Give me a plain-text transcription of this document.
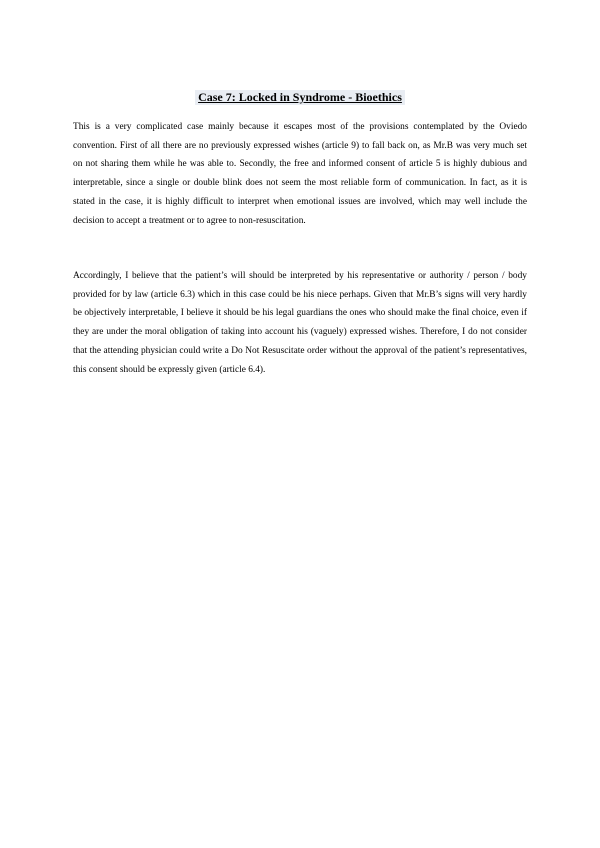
Case 7: Locked in Syndrome - Bioethics

This is a very complicated case mainly because it escapes most of the provisions contemplated by the Oviedo convention. First of all there are no previously expressed wishes (article 9) to fall back on, as Mr.B was very much set on not sharing them while he was able to. Secondly, the free and informed consent of article 5 is highly dubious and interpretable, since a single or double blink does not seem the most reliable form of communication. In fact, as it is stated in the case, it is highly difficult to interpret when emotional issues are involved, which may well include the decision to accept a treatment or to agree to non-resuscitation.

Accordingly, I believe that the patient’s will should be interpreted by his representative or authority / person / body provided for by law (article 6.3) which in this case could be his niece perhaps. Given that Mr.B’s signs will very hardly be objectively interpretable, I believe it should be his legal guardians the ones who should make the final choice, even if they are under the moral obligation of taking into account his (vaguely) expressed wishes. Therefore, I do not consider that the attending physician could write a Do Not Resuscitate order without the approval of the patient’s representatives, this consent should be expressly given (article 6.4).
